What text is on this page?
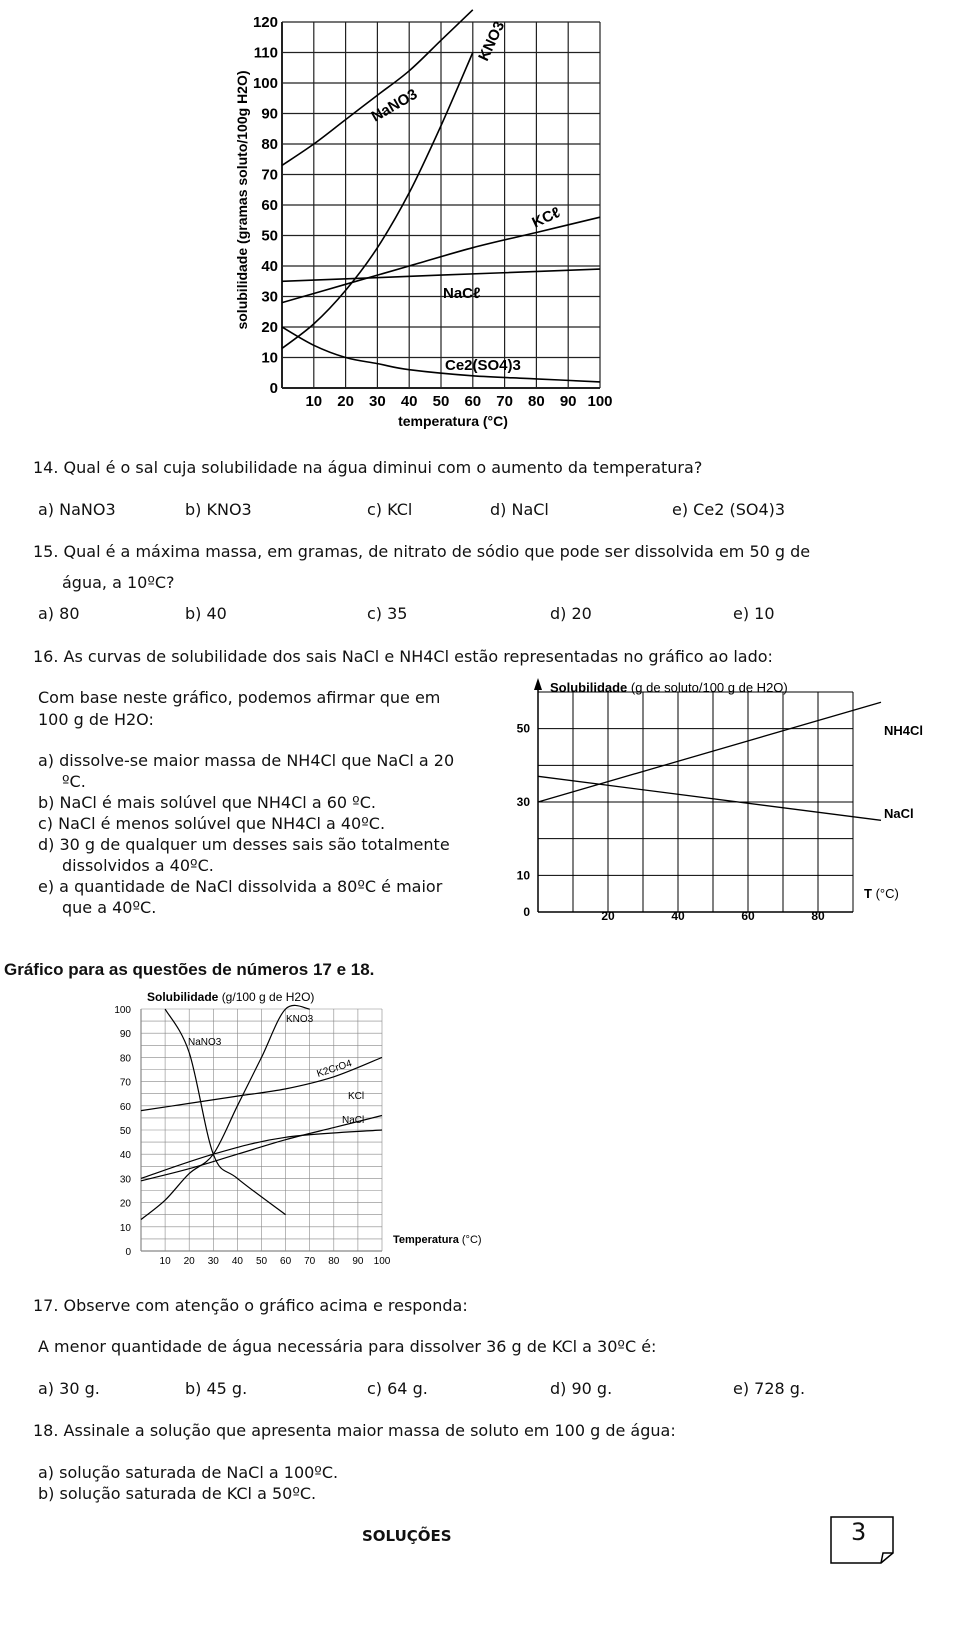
0
10
20
30
40
50
60
70
80
90
100
110
120
10 20 30 40 50 60 70 80 90 100
solubilidade (gramas soluto/100g H2O)
temperatura (°C)
NaNO3
KNO3
KCℓ
NaCℓ
Ce2(SO4)3
14. Qual é o sal cuja solubilidade na água diminui com o aumento da temperatura?
a) NaNO3	b) KNO3	c) KCl	d) NaCl	e) Ce2 (SO4)3
15. Qual é a máxima massa, em gramas, de nitrato de sódio que pode ser dissolvida em 50 g de
água, a 10ºC?
a) 80	b) 40	c) 35	d) 20	e) 10
16. As curvas de solubilidade dos sais NaCl e NH4Cl estão representadas no gráfico ao lado:
Com base neste gráfico, podemos afirmar que em
100 g de H2O:
a) dissolve-se maior massa de NH4Cl que NaCl a 20
ºC.
b) NaCl é mais solúvel que NH4Cl a 60 ºC.
c) NaCl é menos solúvel que NH4Cl a 40ºC.
d) 30 g de qualquer um desses sais são totalmente
dissolvidos a 40ºC.
e) a quantidade de NaCl dissolvida a 80ºC é maior
que a 40ºC.
50
30
10
0	20	40	60	80
Solubilidade (g de soluto/100 g de H2O)
NH4Cl
NaCl
T (°C)
Gráfico para as questões de números 17 e 18.
100
90
80
70
60
50
40
30
20
10
0
10 20 30 40 50 60 70 80 90 100
Solubilidade (g/100 g de H2O)
Temperatura (°C)
KNO3
NaNO3
K2CrO4
KCl
NaCl
17. Observe com atenção o gráfico acima e responda:
A menor quantidade de água necessária para dissolver 36 g de KCl a 30ºC é:
a) 30 g.	b) 45 g.	c) 64 g.	d) 90 g.	e) 728 g.
18. Assinale a solução que apresenta maior massa de soluto em 100 g de água:
a) solução saturada de NaCl a 100ºC.
b) solução saturada de KCl a 50ºC.
SOLUÇÕES	3
